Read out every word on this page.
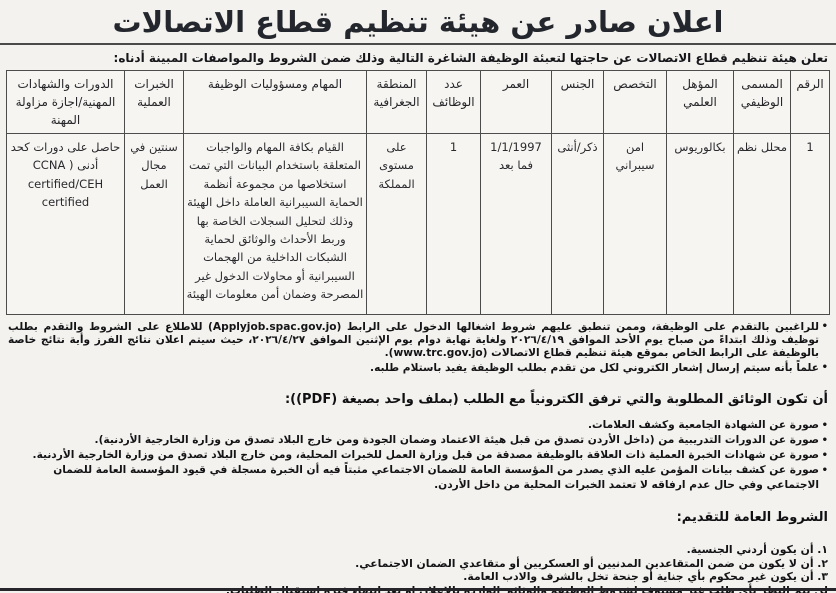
اعلان صادر عن هيئة تنظيم قطاع الاتصالات
تعلن هيئة تنظيم قطاع الاتصالات عن حاجتها لتعبئة الوظيفة الشاغرة التالية وذلك ضمن الشروط والمواصفات المبينة أدناه:
الرقم	المسمى الوظيفي	المؤهل العلمي	التخصص	الجنس	العمر	عدد الوظائف	المنطقة الجغرافية	المهام ومسؤوليات الوظيفة	الخبرات العملية	الدورات والشهادات المهنية/اجازة مزاولة المهنة
1	محلل نظم	بكالوريوس	امن سيبراني	ذكر/أنثى	1/1/1997 فما بعد	1	على مستوى المملكة	القيام بكافة المهام والواجبات المتعلقة باستخدام البيانات التي تمت استخلاصها من مجموعة أنظمة الحماية السيبرانية العاملة داخل الهيئة وذلك لتحليل السجلات الخاصة بها وربط الأحداث والوثائق لحماية الشبكات الداخلية من الهجمات السيبرانية أو محاولات الدخول غير المصرحة وضمان أمن معلومات الهيئة	سنتين في مجال العمل	حاصل على دورات كحد أدنى ( CCNA certified/CEH certified
• للراغبين بالتقدم على الوظيفة، وممن تنطبق عليهم شروط اشغالها الدخول على الرابط (Applyjob.spac.gov.jo) للاطلاع على الشروط والتقدم بطلب توظيف وذلك ابتداءً من صباح يوم الأحد الموافق ٢٠٢٦/٤/١٩ ولغاية نهاية دوام يوم الإثنين الموافق ٢٠٢٦/٤/٢٧، حيث سيتم اعلان نتائج الفرز وأية نتائج خاصة بالوظيفة على الرابط الخاص بموقع هيئة تنظيم قطاع الاتصالات (www.trc.gov.jo).
• علماً بأنه سيتم إرسال إشعار الكتروني لكل من تقدم بطلب الوظيفة يفيد باستلام طلبه.
أن تكون الوثائق المطلوبة والتي ترفق الكترونياً مع الطلب (بملف واحد بصيغة (PDF)):
• صورة عن الشهادة الجامعية وكشف العلامات.
• صورة عن الدورات التدريبية من (داخل الأردن تصدق من قبل هيئة الاعتماد وضمان الجودة ومن خارج البلاد تصدق من وزارة الخارجية الأردنية).
• صورة عن شهادات الخبرة العملية ذات العلاقة بالوظيفة مصدقة من قبل وزارة العمل للخبرات المحلية، ومن خارج البلاد تصدق من وزارة الخارجية الأردنية.
• صورة عن كشف بيانات المؤمن عليه الذي يصدر من المؤسسة العامة للضمان الاجتماعي مثبتاً فيه أن الخبرة مسجلة في قيود المؤسسة العامة للضمان الاجتماعي وفي حال عدم ارفاقه لا تعتمد الخبرات المحلية من داخل الأردن.
الشروط العامة للتقديم:
١. أن يكون أردني الجنسية.
٢. أن لا يكون من ضمن المتقاعدين المدنيين أو العسكريين أو متقاعدي الضمان الاجتماعي.
٣. أن يكون غير محكوم بأي جناية أو جنحة تخل بالشرف والادب العامة.
